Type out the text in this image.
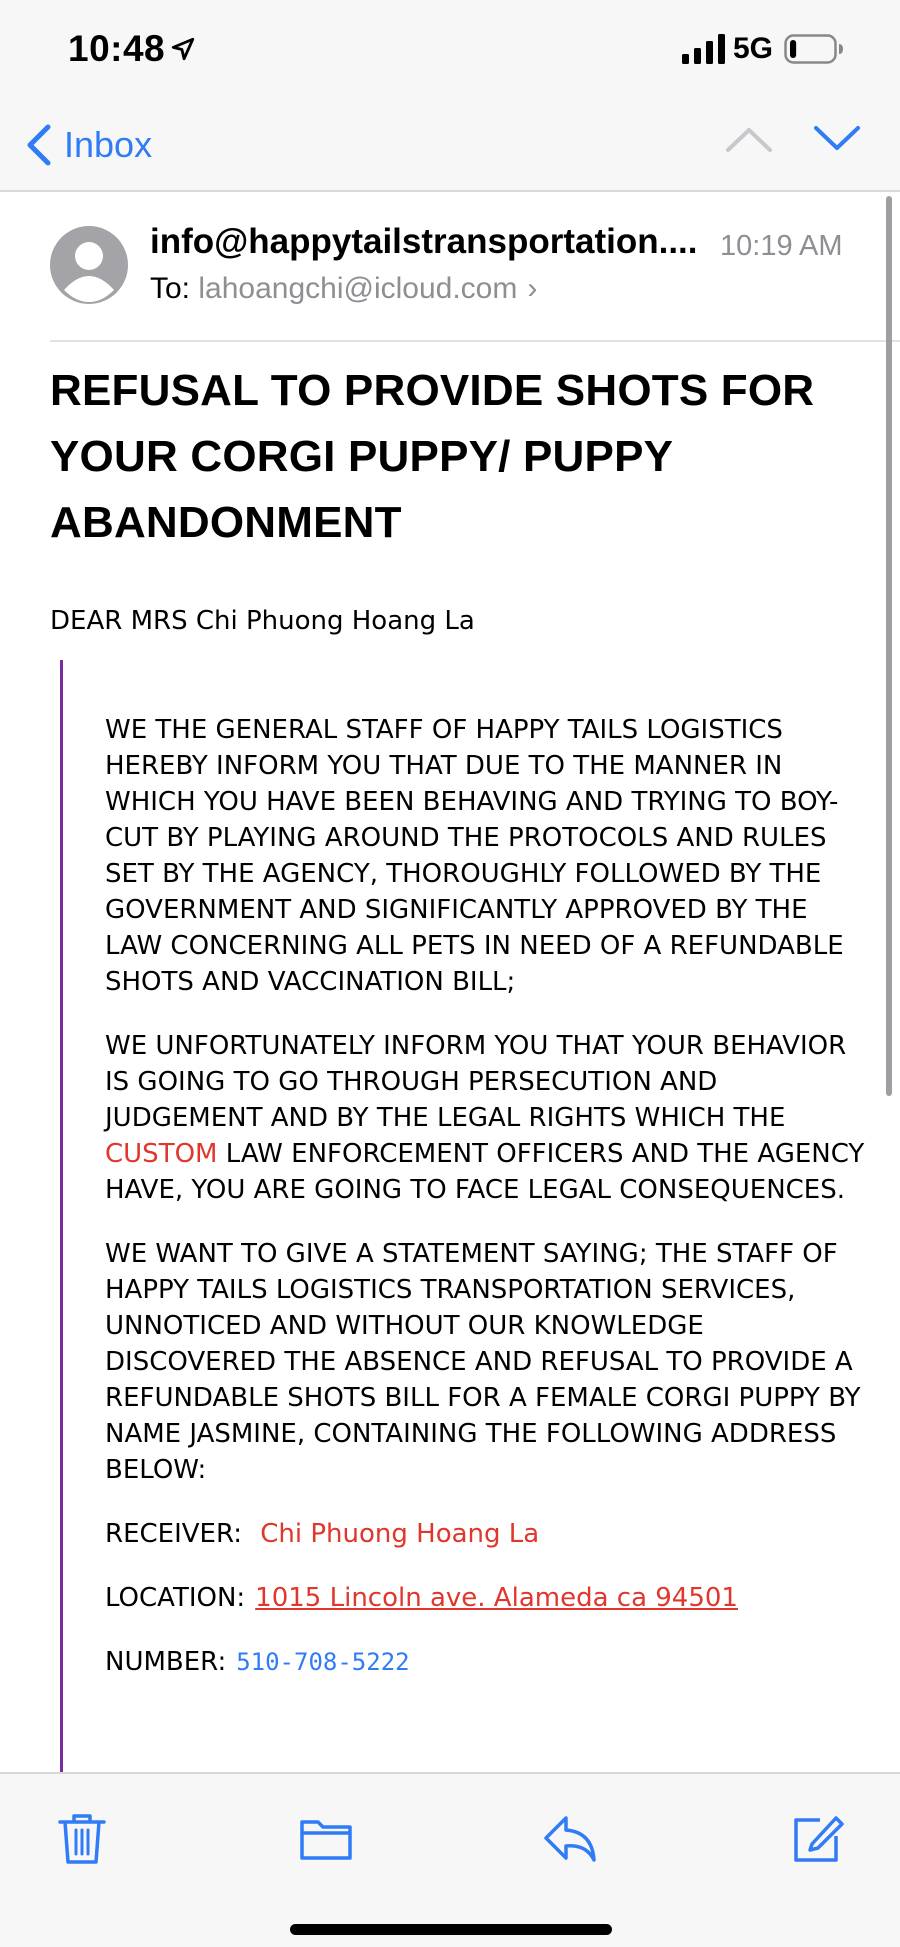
10:48	5G
Inbox
info@happytailstransportation.... 10:19 AM
To: lahoangchi@icloud.com ›
REFUSAL TO PROVIDE SHOTS FOR YOUR CORGI PUPPY/ PUPPY ABANDONMENT
DEAR MRS Chi Phuong Hoang La

WE THE GENERAL STAFF OF HAPPY TAILS LOGISTICS HEREBY INFORM YOU THAT DUE TO THE MANNER IN WHICH YOU HAVE BEEN BEHAVING AND TRYING TO BOY-CUT BY PLAYING AROUND THE PROTOCOLS AND RULES SET BY THE AGENCY, THOROUGHLY FOLLOWED BY THE GOVERNMENT AND SIGNIFICANTLY APPROVED BY THE LAW CONCERNING ALL PETS IN NEED OF A REFUNDABLE SHOTS AND VACCINATION BILL;

WE UNFORTUNATELY INFORM YOU THAT YOUR BEHAVIOR IS GOING TO GO THROUGH PERSECUTION AND JUDGEMENT AND BY THE LEGAL RIGHTS WHICH THE CUSTOM LAW ENFORCEMENT OFFICERS AND THE AGENCY HAVE, YOU ARE GOING TO FACE LEGAL CONSEQUENCES.

WE WANT TO GIVE A STATEMENT SAYING; THE STAFF OF HAPPY TAILS LOGISTICS TRANSPORTATION SERVICES, UNNOTICED AND WITHOUT OUR KNOWLEDGE DISCOVERED THE ABSENCE AND REFUSAL TO PROVIDE A REFUNDABLE SHOTS BILL FOR A FEMALE CORGI PUPPY BY NAME JASMINE, CONTAINING THE FOLLOWING ADDRESS BELOW:

RECEIVER: Chi Phuong Hoang La

LOCATION: 1015 Lincoln ave. Alameda ca 94501

NUMBER: 510-708-5222
